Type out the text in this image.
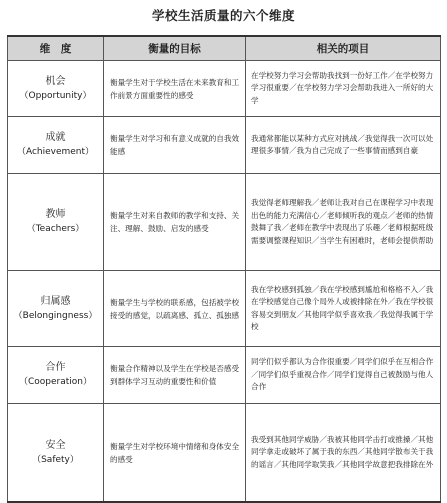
学校生活质量的六个维度
维　度	衡量的目标	相关的项目

机会
（Opportunity）	衡量学生对于学校生活在未来教育和工作前景方面重要性的感受	在学校努力学习会帮助我找到一份好工作／在学校努力学习很重要／在学校努力学习会帮助我进入一所好的大学

成就
（Achievement）	衡量学生对学习和有意义成就的自我效能感	我通常都能以某种方式应对挑战／我觉得我一次可以处理很多事情／我为自己完成了一些事情而感到自豪

教师
（Teachers）	衡量学生对来自教师的教学和支持、关注、理解、鼓励、启发的感受	我觉得老师理解我／老师让我对自己在课程学习中表现出色的能力充满信心／老师倾听我的观点／老师的热情鼓舞了我／老师在教学中表现出了乐趣／老师根据班级需要调整课程知识／当学生有困难时，老师会提供帮助

归属感
（Belongingness）	衡量学生与学校的联系感，包括被学校接受的感觉，以疏离感、孤立、孤独感	我在学校感到孤独／我在学校感到尴尬和格格不入／我在学校感觉自己像个局外人或被排除在外／我在学校很容易交到朋友／其他同学似乎喜欢我／我觉得我属于学校

合作
（Cooperation）	衡量合作精神以及学生在学校是否感受到群体学习互动的重要性和价值	同学们似乎都认为合作很重要／同学们似乎在互相合作／同学们似乎重视合作／同学们觉得自己被鼓励与他人合作

安全
（Safety）	衡量学生对学校环境中情绪和身体安全的感受	我受到其他同学威胁／我被其他同学击打或推搡／其他同学拿走或破坏了属于我的东西／其他同学散布关于我的谣言／其他同学取笑我／其他同学故意把我排除在外
